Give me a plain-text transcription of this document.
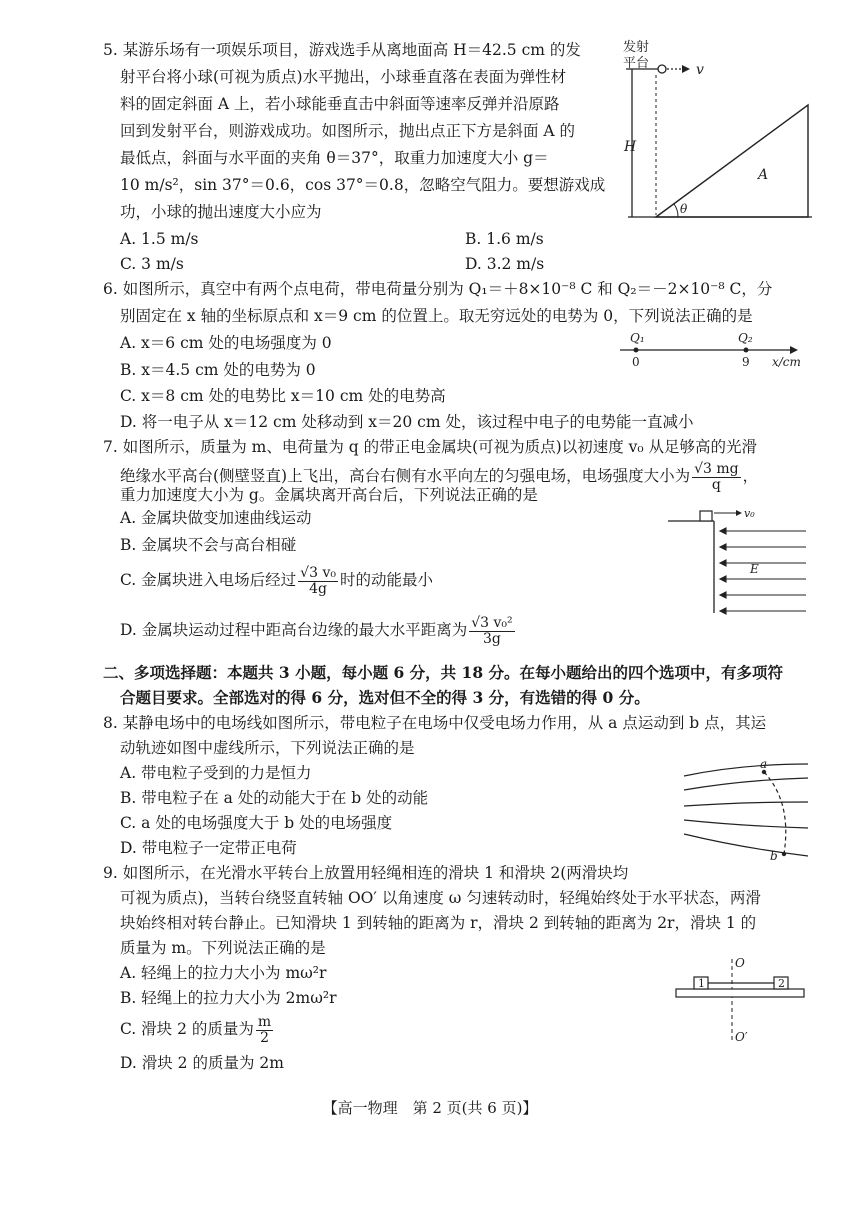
5. 某游乐场有一项娱乐项目，游戏选手从离地面高 H＝42.5 cm 的发
射平台将小球(可视为质点)水平抛出，小球垂直落在表面为弹性材
料的固定斜面 A 上，若小球能垂直击中斜面等速率反弹并沿原路
回到发射平台，则游戏成功。如图所示，抛出点正下方是斜面 A 的
最低点，斜面与水平面的夹角 θ＝37°，取重力加速度大小 g＝
10 m/s²，sin 37°＝0.6，cos 37°＝0.8，忽略空气阻力。要想游戏成
功，小球的抛出速度大小应为
A. 1.5 m/s	B. 1.6 m/s
C. 3 m/s	D. 3.2 m/s
发射
平台	v
H
A
θ
6. 如图所示，真空中有两个点电荷，带电荷量分别为 Q₁＝＋8×10⁻⁸ C 和 Q₂＝－2×10⁻⁸ C，分
别固定在 x 轴的坐标原点和 x＝9 cm 的位置上。取无穷远处的电势为 0，下列说法正确的是
A. x＝6 cm 处的电场强度为 0
B. x＝4.5 cm 处的电势为 0
C. x＝8 cm 处的电势比 x＝10 cm 处的电势高
D. 将一电子从 x＝12 cm 处移动到 x＝20 cm 处，该过程中电子的电势能一直减小
Q₁	Q₂
0	9 x/cm
7. 如图所示，质量为 m、电荷量为 q 的带正电金属块(可视为质点)以初速度 v₀ 从足够高的光滑
绝缘水平高台(侧壁竖直)上飞出，高台右侧有水平向左的匀强电场，电场强度大小为 $\frac{√3 mg}{q}$ ，
重力加速度大小为 g。金属块离开高台后，下列说法正确的是
A. 金属块做变加速曲线运动
B. 金属块不会与高台相碰
C. 金属块进入电场后经过 $\frac{\text{√3 v₀}}{4g}$ 时的动能最小
D. 金属块运动过程中距高台边缘的最大水平距离为 $\frac{\text{√3 v₀²}}{3g}$
v₀
E
二、多项选择题：本题共 3 小题，每小题 6 分，共 18 分。在每小题给出的四个选项中，有多项符
合题目要求。全部选对的得 6 分，选对但不全的得 3 分，有选错的得 0 分。
8. 某静电场中的电场线如图所示，带电粒子在电场中仅受电场力作用，从 a 点运动到 b 点，其运
动轨迹如图中虚线所示，下列说法正确的是
A. 带电粒子受到的力是恒力
B. 带电粒子在 a 处的动能大于在 b 处的动能
C. a 处的电场强度大于 b 处的电场强度
D. 带电粒子一定带正电荷
a
b
9. 如图所示，在光滑水平转台上放置用轻绳相连的滑块 1 和滑块 2(两滑块均
可视为质点)，当转台绕竖直转轴 OO′ 以角速度 ω 匀速转动时，轻绳始终处于水平状态，两滑
块始终相对转台静止。已知滑块 1 到转轴的距离为 r，滑块 2 到转轴的距离为 2r，滑块 1 的
质量为 m。下列说法正确的是
A. 轻绳上的拉力大小为 mω²r
B. 轻绳上的拉力大小为 2mω²r
C. 滑块 2 的质量为 $\frac{m}{2}$
D. 滑块 2 的质量为 2m
O
O′
1	2
【高一物理　第 2 页(共 6 页)】
